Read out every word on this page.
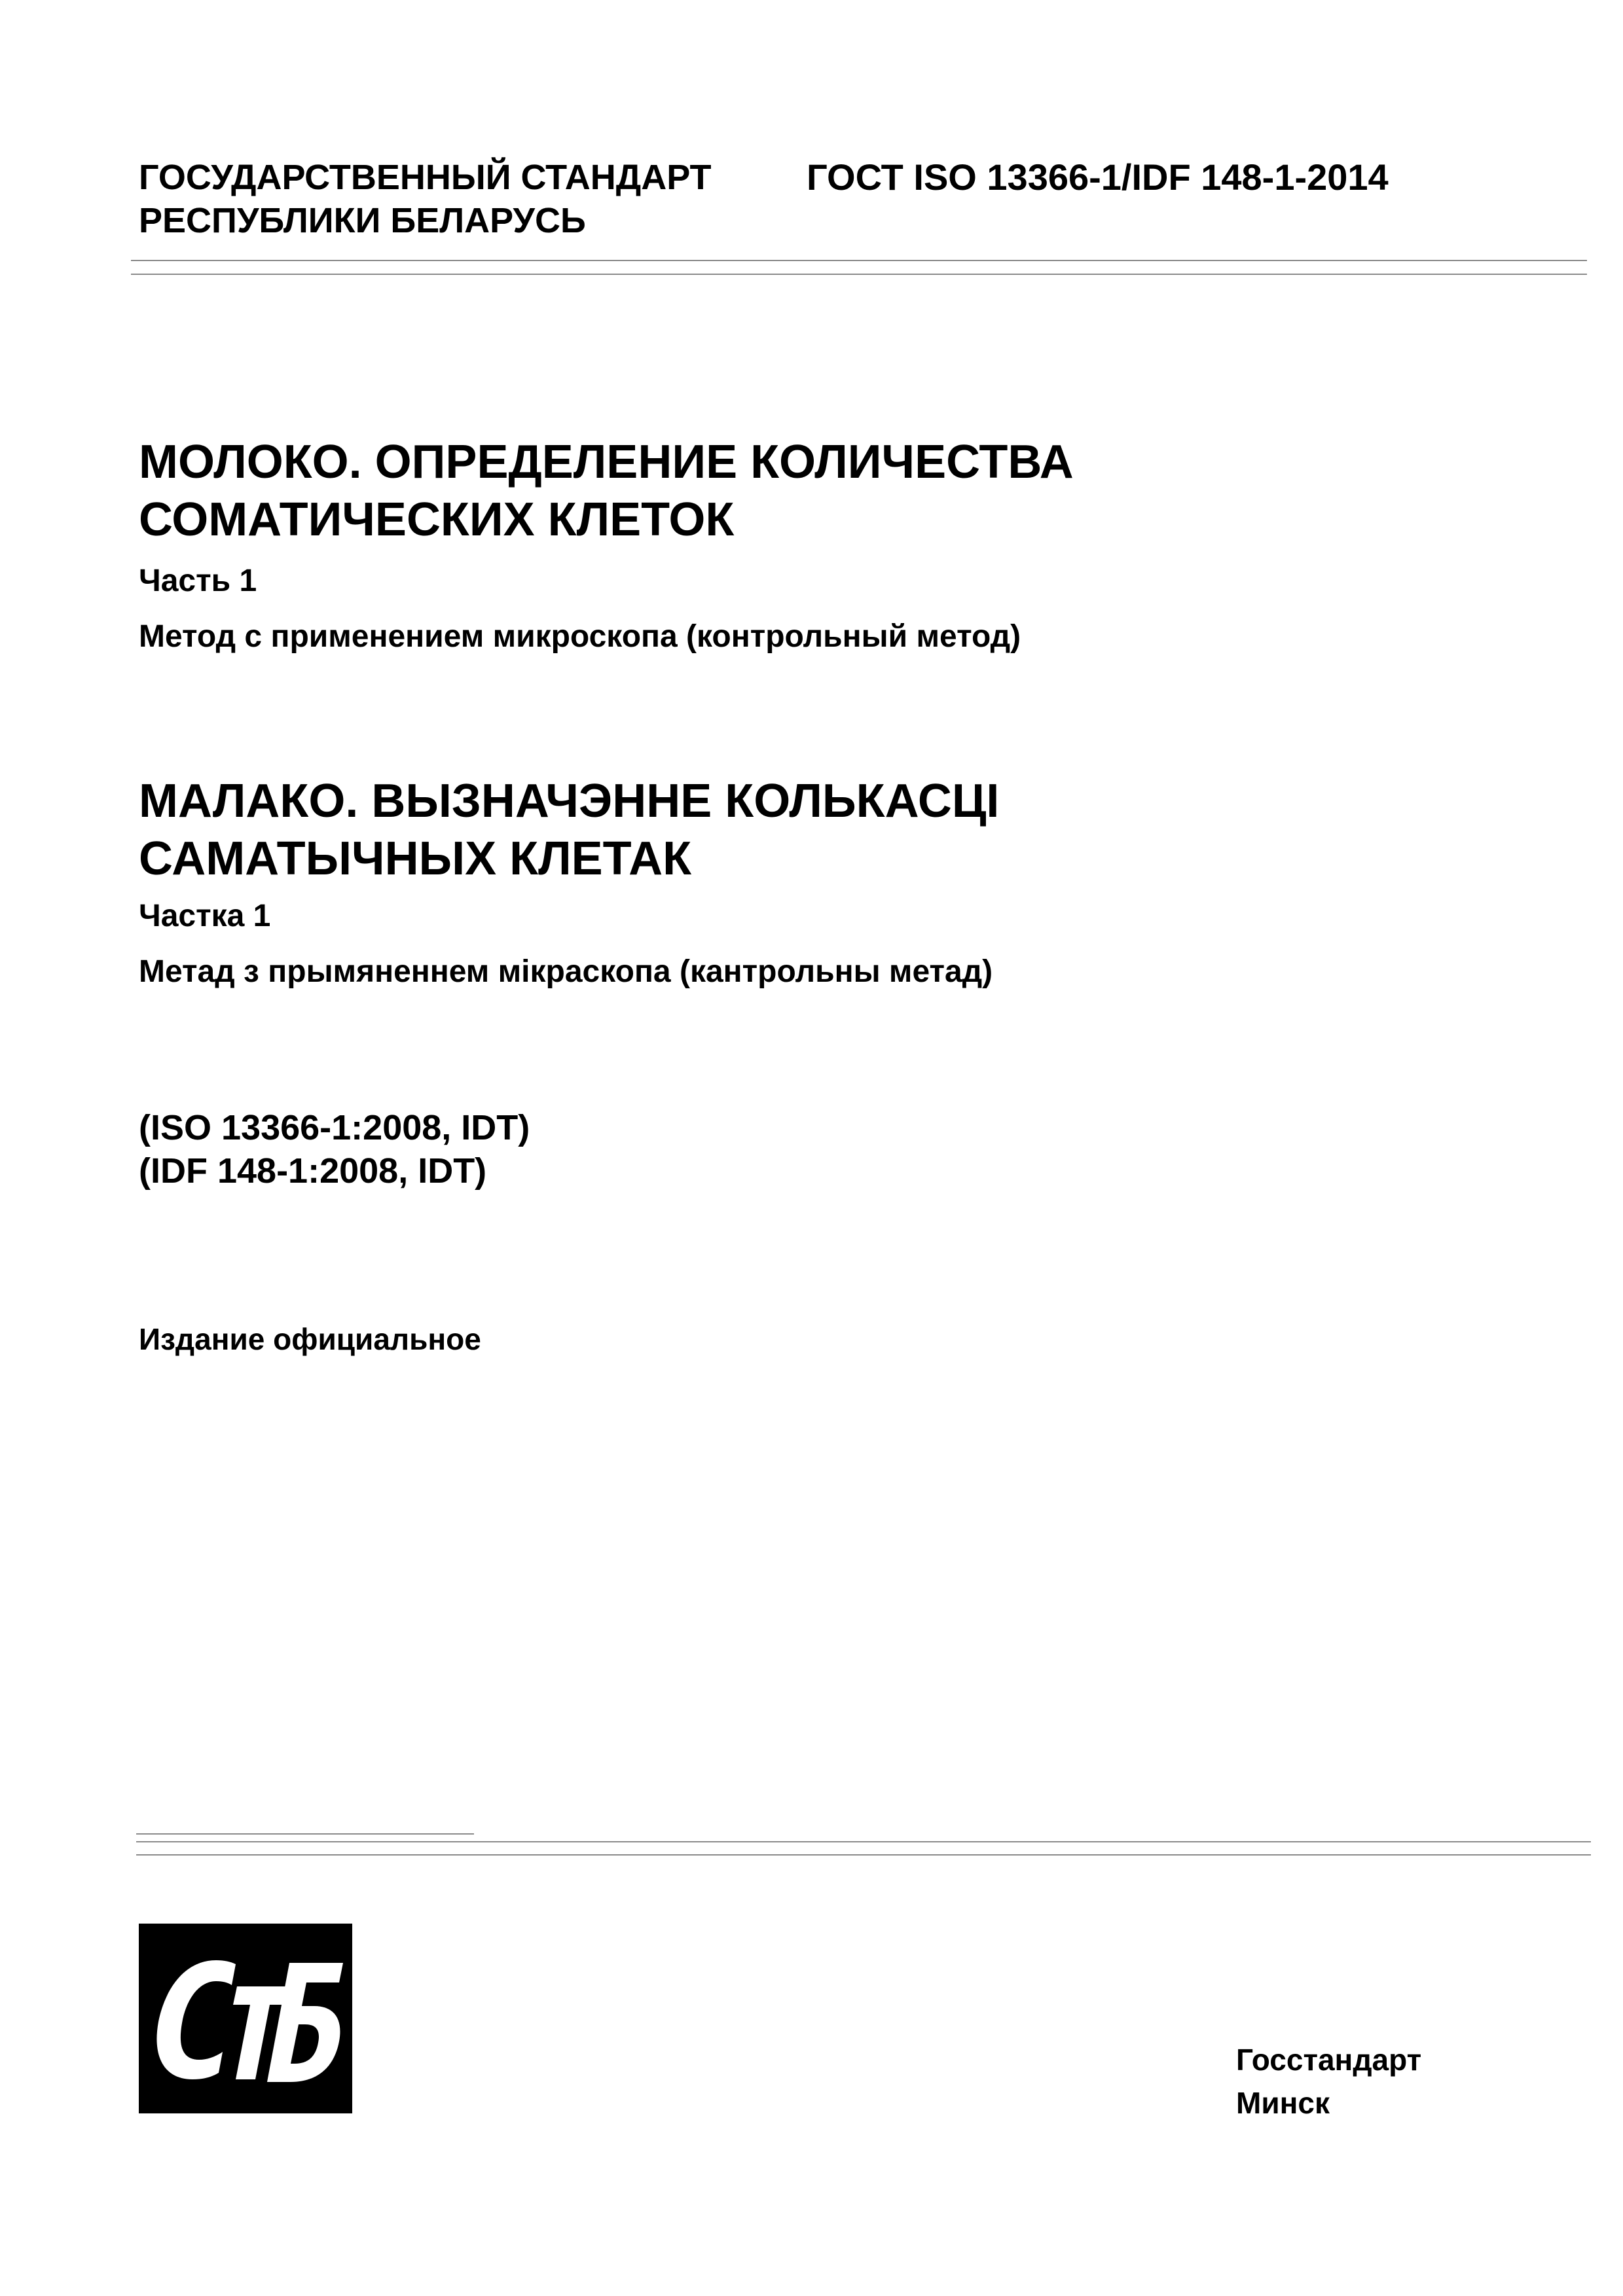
ГОСУДАРСТВЕННЫЙ СТАНДАРТ
РЕСПУБЛИКИ БЕЛАРУСЬ
ГОСТ ISO 13366-1/IDF 148-1-2014
МОЛОКО. ОПРЕДЕЛЕНИЕ КОЛИЧЕСТВА
СОМАТИЧЕСКИХ КЛЕТОК
Часть 1
Метод с применением микроскопа (контрольный метод)
МАЛАКО. ВЫЗНАЧЭННЕ КОЛЬКАСЦІ
САМАТЫЧНЫХ КЛЕТАК
Частка 1
Метад з прымяненнем мікраскопа (кантрольны метад)
(ISO 13366-1:2008, IDT)
(IDF 148-1:2008, IDT)
Издание официальное
Госстандарт
Минск
